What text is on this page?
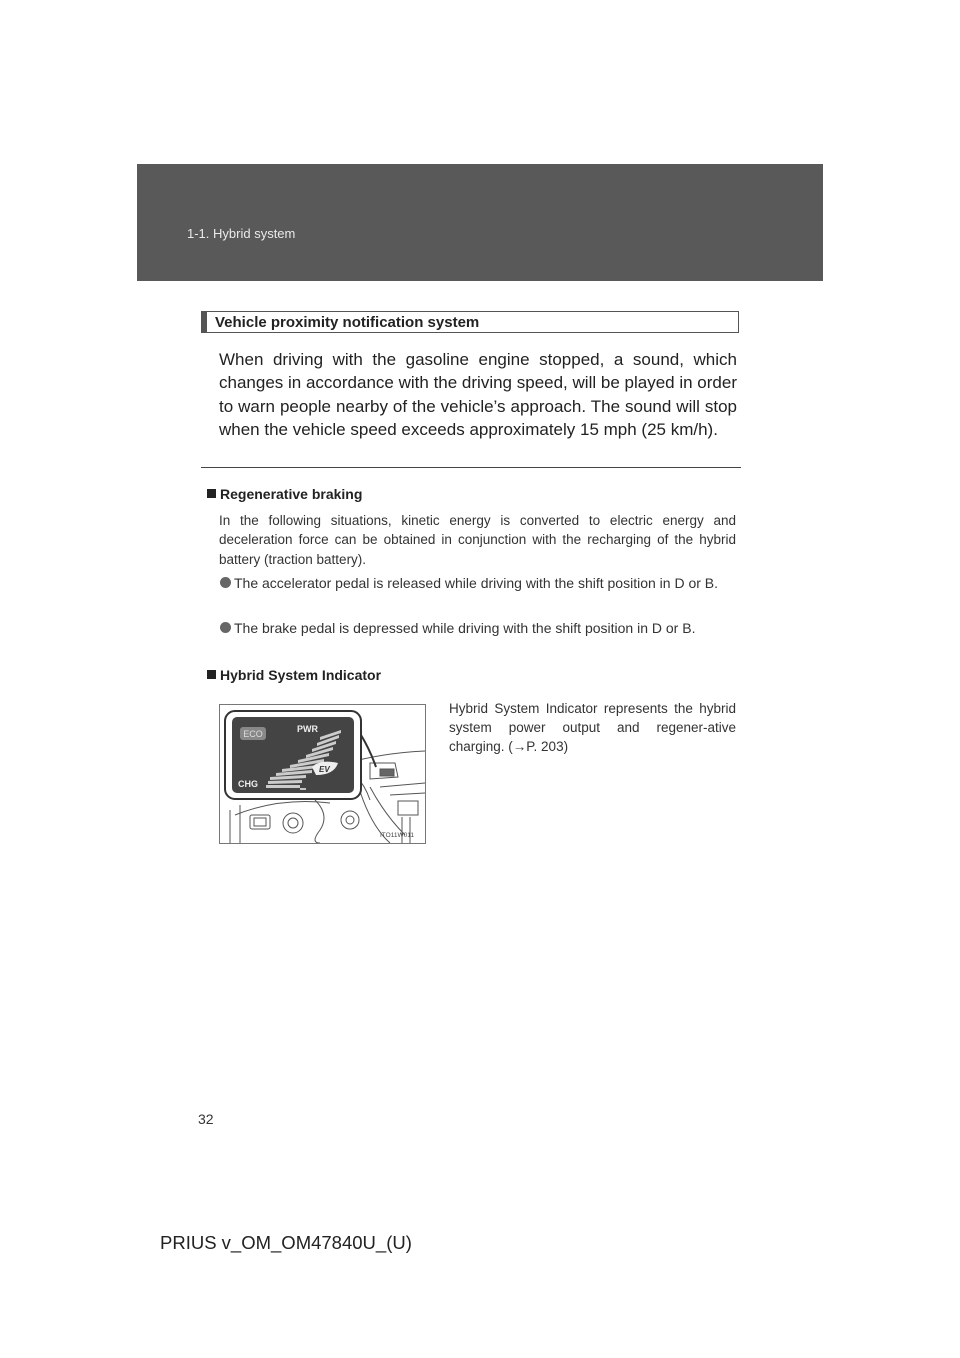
1-1. Hybrid system
Vehicle proximity notification system
When driving with the gasoline engine stopped, a sound, which changes in accordance with the driving speed, will be played in order to warn people nearby of the vehicle’s approach. The sound will stop when the vehicle speed exceeds approximately 15 mph (25 km/h).
Regenerative braking
In the following situations, kinetic energy is converted to electric energy and deceleration force can be obtained in conjunction with the recharging of the hybrid battery (traction battery).
The accelerator pedal is released while driving with the shift position in D or B.
The brake pedal is depressed while driving with the shift position in D or B.
Hybrid System Indicator
Hybrid System Indicator represents the hybrid system power output and regener-ative charging. (→P. 203)
ECO	PWR
CHG
EV
ITO11W011
32
PRIUS v_OM_OM47840U_(U)
